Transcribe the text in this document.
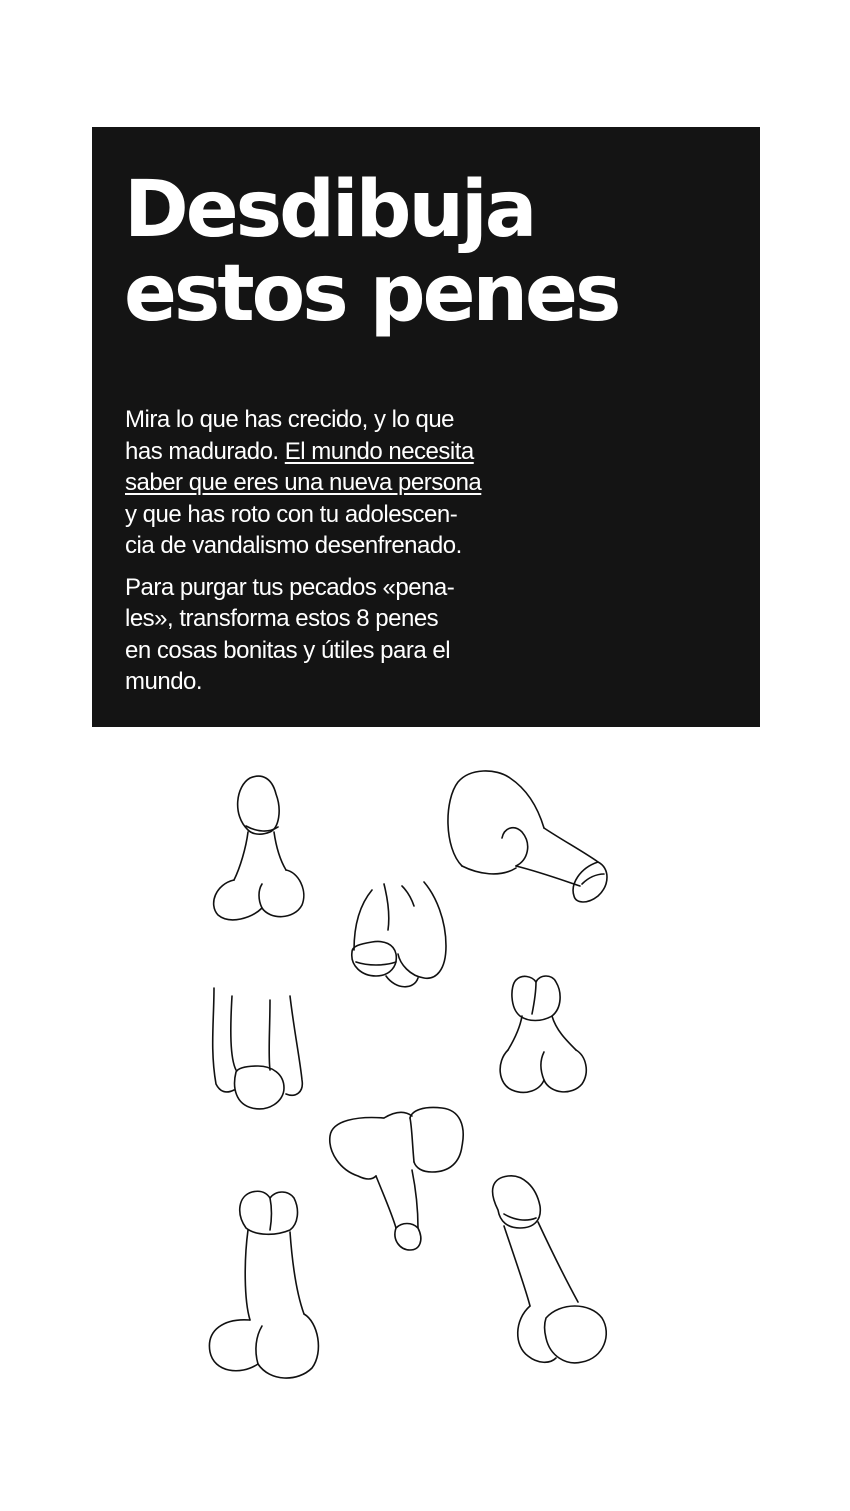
Desdibuja
estos penes

Mira lo que has crecido, y lo que
has madurado. El mundo necesita
saber que eres una nueva persona
y que has roto con tu adolescen-
cia de vandalismo desenfrenado.

Para purgar tus pecados «pena-
les», transforma estos 8 penes
en cosas bonitas y útiles para el
mundo.
